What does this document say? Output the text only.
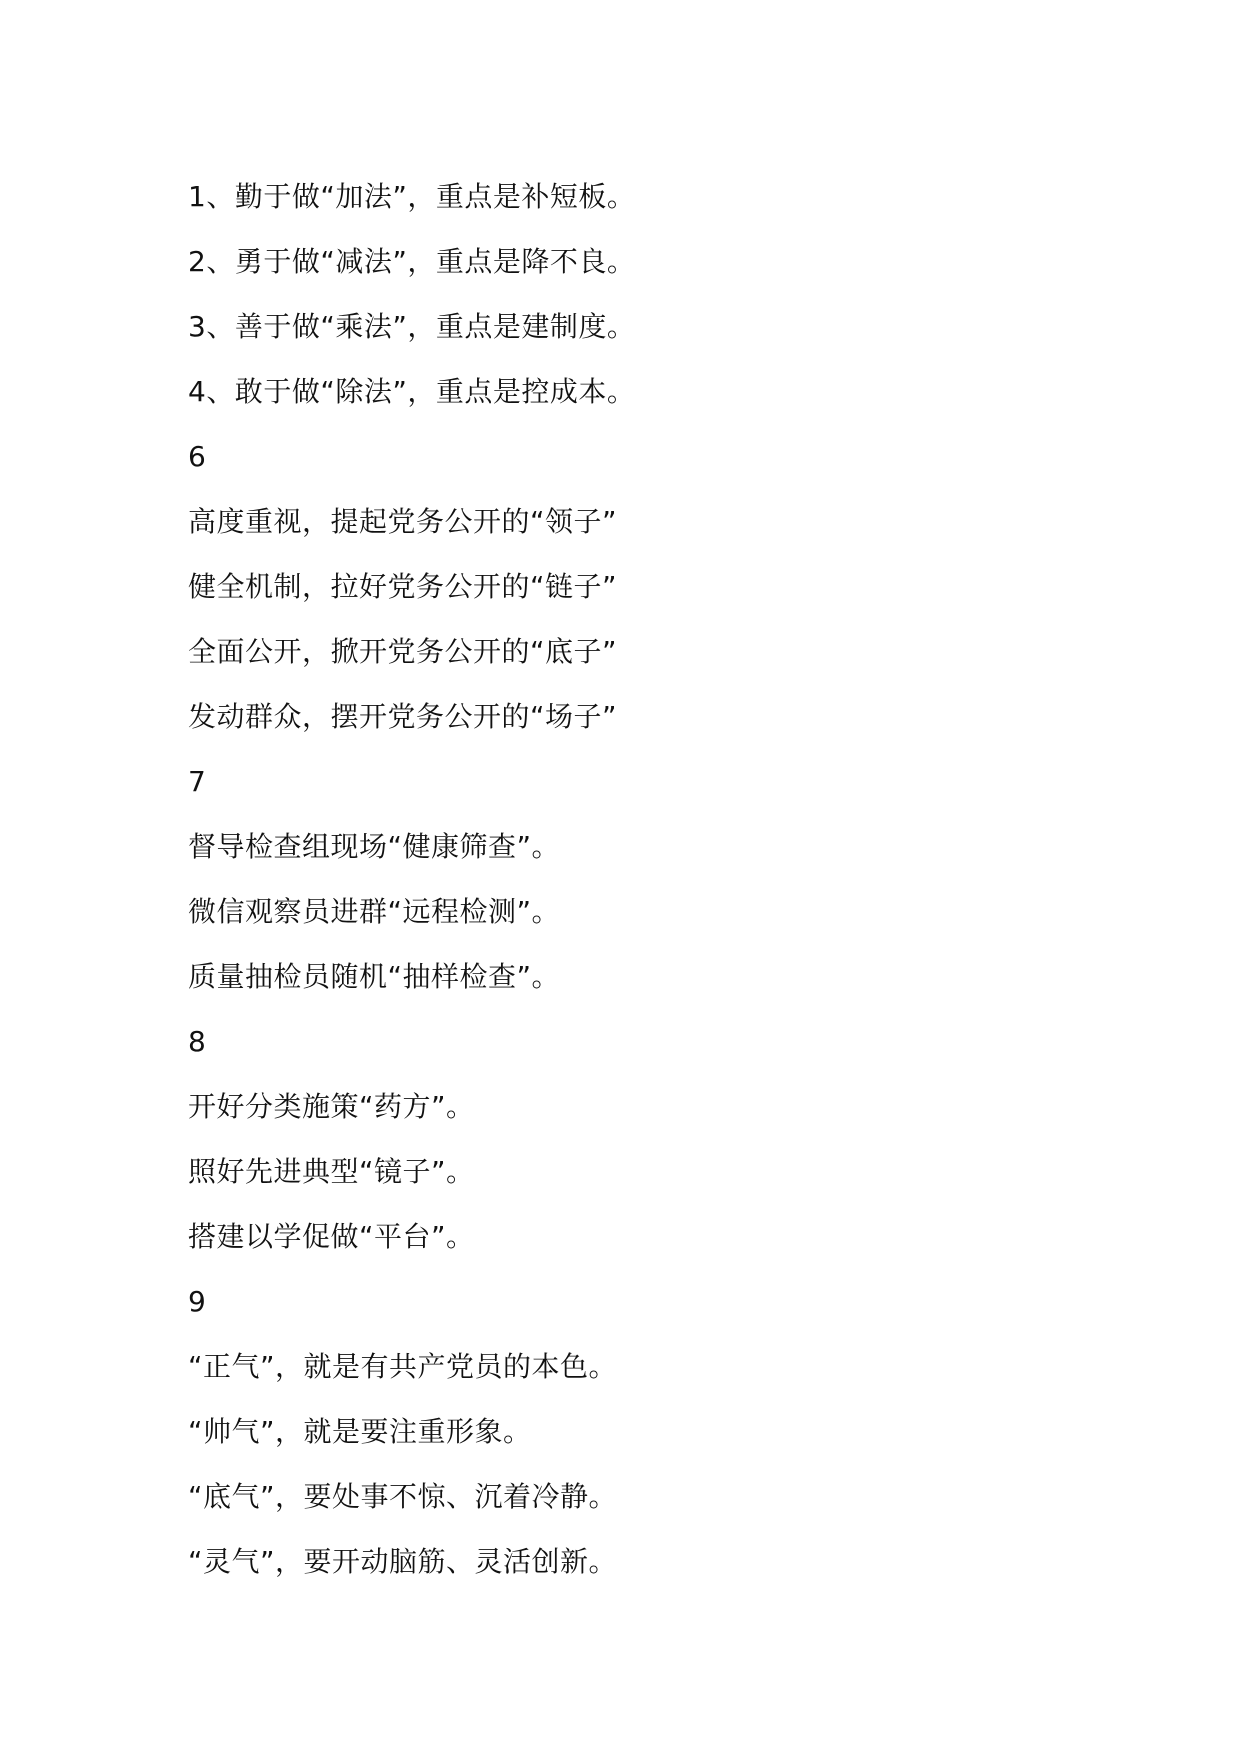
1、勤于做“加法”，重点是补短板。
2、勇于做“减法”，重点是降不良。
3、善于做“乘法”，重点是建制度。
4、敢于做“除法”，重点是控成本。
6
高度重视，提起党务公开的“领子”
健全机制，拉好党务公开的“链子”
全面公开，掀开党务公开的“底子”
发动群众，摆开党务公开的“场子”
7
督导检查组现场“健康筛查”。
微信观察员进群“远程检测”。
质量抽检员随机“抽样检查”。
8
开好分类施策“药方”。
照好先进典型“镜子”。
搭建以学促做“平台”。
9
“正气”，就是有共产党员的本色。
“帅气”，就是要注重形象。
“底气”，要处事不惊、沉着冷静。
“灵气”，要开动脑筋、灵活创新。
